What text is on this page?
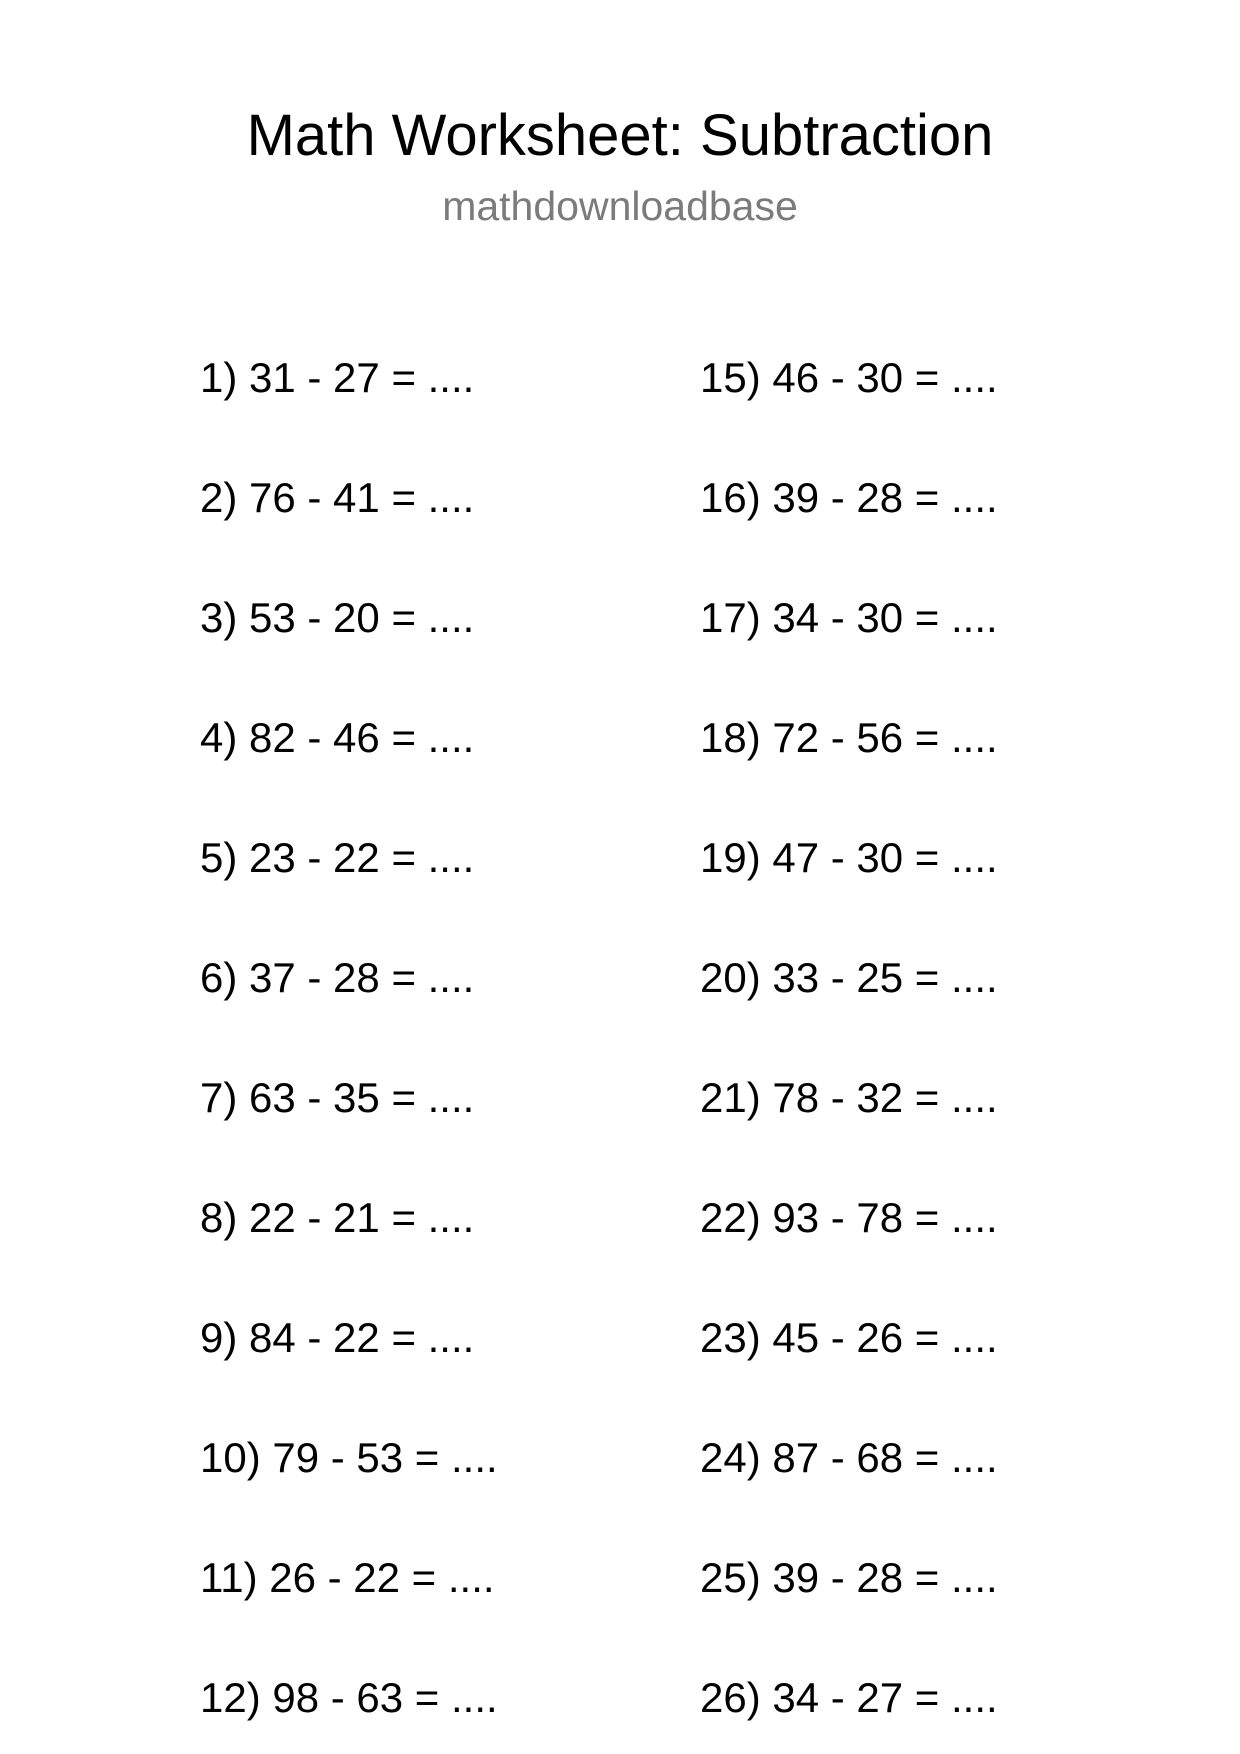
Math Worksheet: Subtraction
mathdownloadbase
1) 31 - 27 = ....
2) 76 - 41 = ....
3) 53 - 20 = ....
4) 82 - 46 = ....
5) 23 - 22 = ....
6) 37 - 28 = ....
7) 63 - 35 = ....
8) 22 - 21 = ....
9) 84 - 22 = ....
10) 79 - 53 = ....
11) 26 - 22 = ....
12) 98 - 63 = ....
15) 46 - 30 = ....
16) 39 - 28 = ....
17) 34 - 30 = ....
18) 72 - 56 = ....
19) 47 - 30 = ....
20) 33 - 25 = ....
21) 78 - 32 = ....
22) 93 - 78 = ....
23) 45 - 26 = ....
24) 87 - 68 = ....
25) 39 - 28 = ....
26) 34 - 27 = ....
